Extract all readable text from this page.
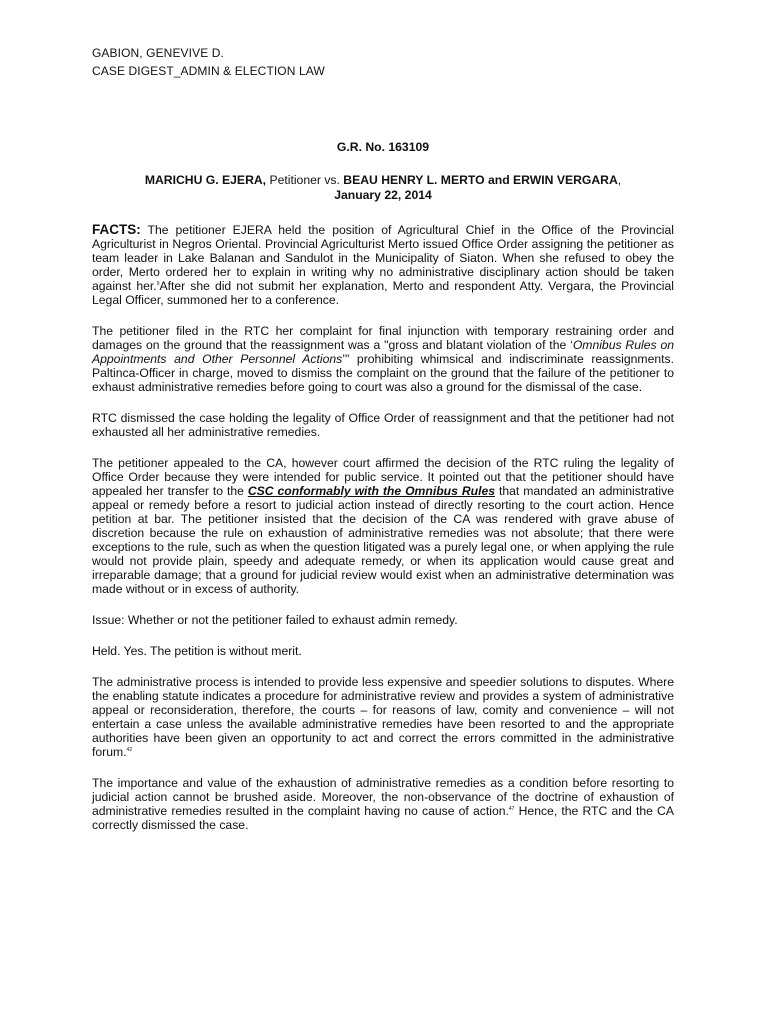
GABION, GENEVIVE D.
CASE DIGEST_ADMIN & ELECTION LAW
G.R. No. 163109
MARICHU G. EJERA, Petitioner vs. BEAU HENRY L. MERTO and ERWIN VERGARA,
January 22, 2014

FACTS: The petitioner EJERA held the position of Agricultural Chief in the Office of the Provincial Agriculturist in Negros Oriental. Provincial Agriculturist Merto issued Office Order assigning the petitioner as team leader in Lake Balanan and Sandulot in the Municipality of Siaton. When she refused to obey the order, Merto ordered her to explain in writing why no administrative disciplinary action should be taken against her.$^9$After she did not submit her explanation, Merto and respondent Atty. Vergara, the Provincial Legal Officer, summoned her to a conference.

The petitioner filed in the RTC her complaint for final injunction with temporary restraining order and damages on the ground that the reassignment was a "gross and blatant violation of the ‘Omnibus Rules on Appointments and Other Personnel Actions’" prohibiting whimsical and indiscriminate reassignments. Paltinca-Officer in charge, moved to dismiss the complaint on the ground that the failure of the petitioner to exhaust administrative remedies before going to court was also a ground for the dismissal of the case.

RTC dismissed the case holding the legality of Office Order of reassignment and that the petitioner had not exhausted all her administrative remedies.

The petitioner appealed to the CA, however court affirmed the decision of the RTC ruling the legality of Office Order because they were intended for public service. It pointed out that the petitioner should have appealed her transfer to the CSC conformably with the Omnibus Rules that mandated an administrative appeal or remedy before a resort to judicial action instead of directly resorting to the court action. Hence petition at bar. The petitioner insisted that the decision of the CA was rendered with grave abuse of discretion because the rule on exhaustion of administrative remedies was not absolute; that there were exceptions to the rule, such as when the question litigated was a purely legal one, or when applying the rule would not provide plain, speedy and adequate remedy, or when its application would cause great and irreparable damage; that a ground for judicial review would exist when an administrative determination was made without or in excess of authority.

Issue: Whether or not the petitioner failed to exhaust admin remedy.

Held. Yes. The petition is without merit.

The administrative process is intended to provide less expensive and speedier solutions to disputes. Where the enabling statute indicates a procedure for administrative review and provides a system of administrative appeal or reconsideration, therefore, the courts – for reasons of law, comity and convenience – will not entertain a case unless the available administrative remedies have been resorted to and the appropriate authorities have been given an opportunity to act and correct the errors committed in the administrative forum.$^{42}$

The importance and value of the exhaustion of administrative remedies as a condition before resorting to judicial action cannot be brushed aside. Moreover, the non-observance of the doctrine of exhaustion of administrative remedies resulted in the complaint having no cause of action.$^{47}$ Hence, the RTC and the CA correctly dismissed the case.
